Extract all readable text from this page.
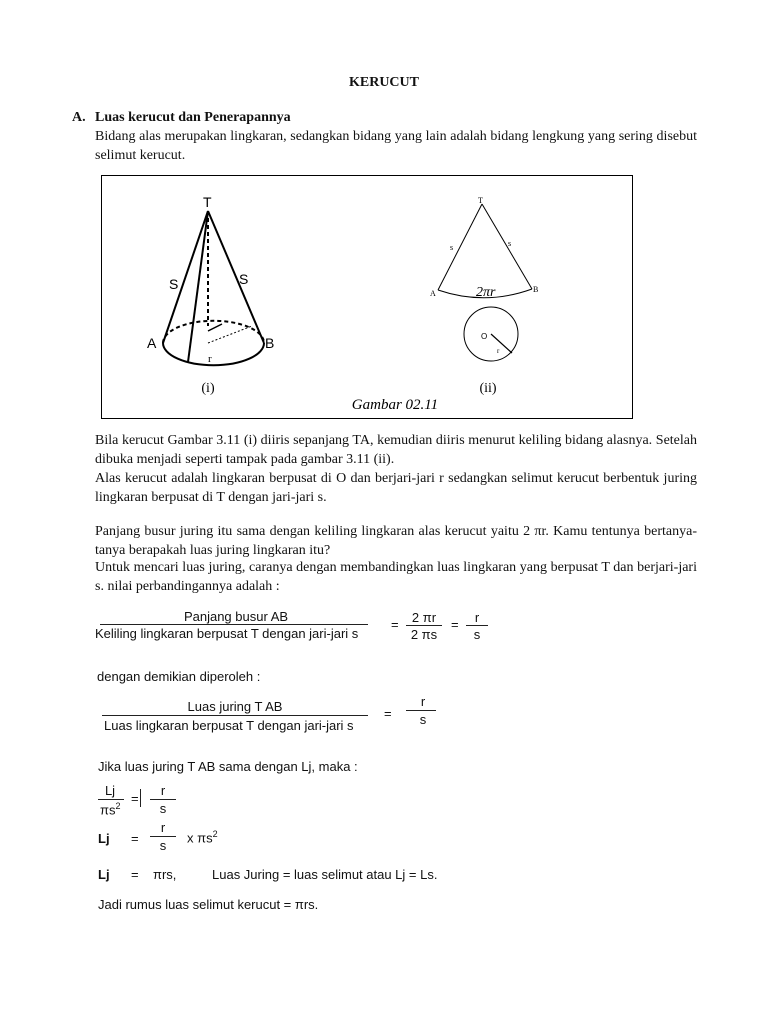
KERUCUT
A. Luas kerucut dan Penerapannya
Bidang alas merupakan lingkaran, sedangkan bidang yang lain adalah bidang lengkung yang sering disebut selimut kerucut.
T
S	S
A	B
r
T
s	s
A	B
2πr
O
r
(i)	(ii)
Gambar 02.11
Bila kerucut Gambar 3.11 (i) diiris sepanjang TA, kemudian diiris menurut keliling bidang alasnya. Setelah dibuka menjadi seperti tampak pada gambar 3.11 (ii).
Alas kerucut adalah lingkaran berpusat di O dan berjari-jari r sedangkan selimut kerucut berbentuk juring lingkaran berpusat di T dengan jari-jari s.
Panjang busur juring itu sama dengan keliling lingkaran alas kerucut yaitu 2 πr. Kamu tentunya bertanya-tanya berapakah luas juring lingkaran itu?
Untuk mencari luas juring, caranya dengan membandingkan luas lingkaran yang berpusat T dan berjari-jari s. nilai perbandingannya adalah :
Panjang busur AB
Keliling lingkaran berpusat T dengan jari-jari s
=	2 πr
2 πs
=	r
s
dengan demikian diperoleh :
Luas juring T AB
Luas lingkaran berpusat T dengan jari-jari s
=
r
s
Jika luas juring T AB sama dengan Lj, maka :
Lj
$\pi s^2$ =
r
s
Lj =
r
s
x $\pi s^2$
Lj = πrs,	Luas Juring = luas selimut atau Lj = Ls.
Jadi rumus luas selimut kerucut = πrs.
